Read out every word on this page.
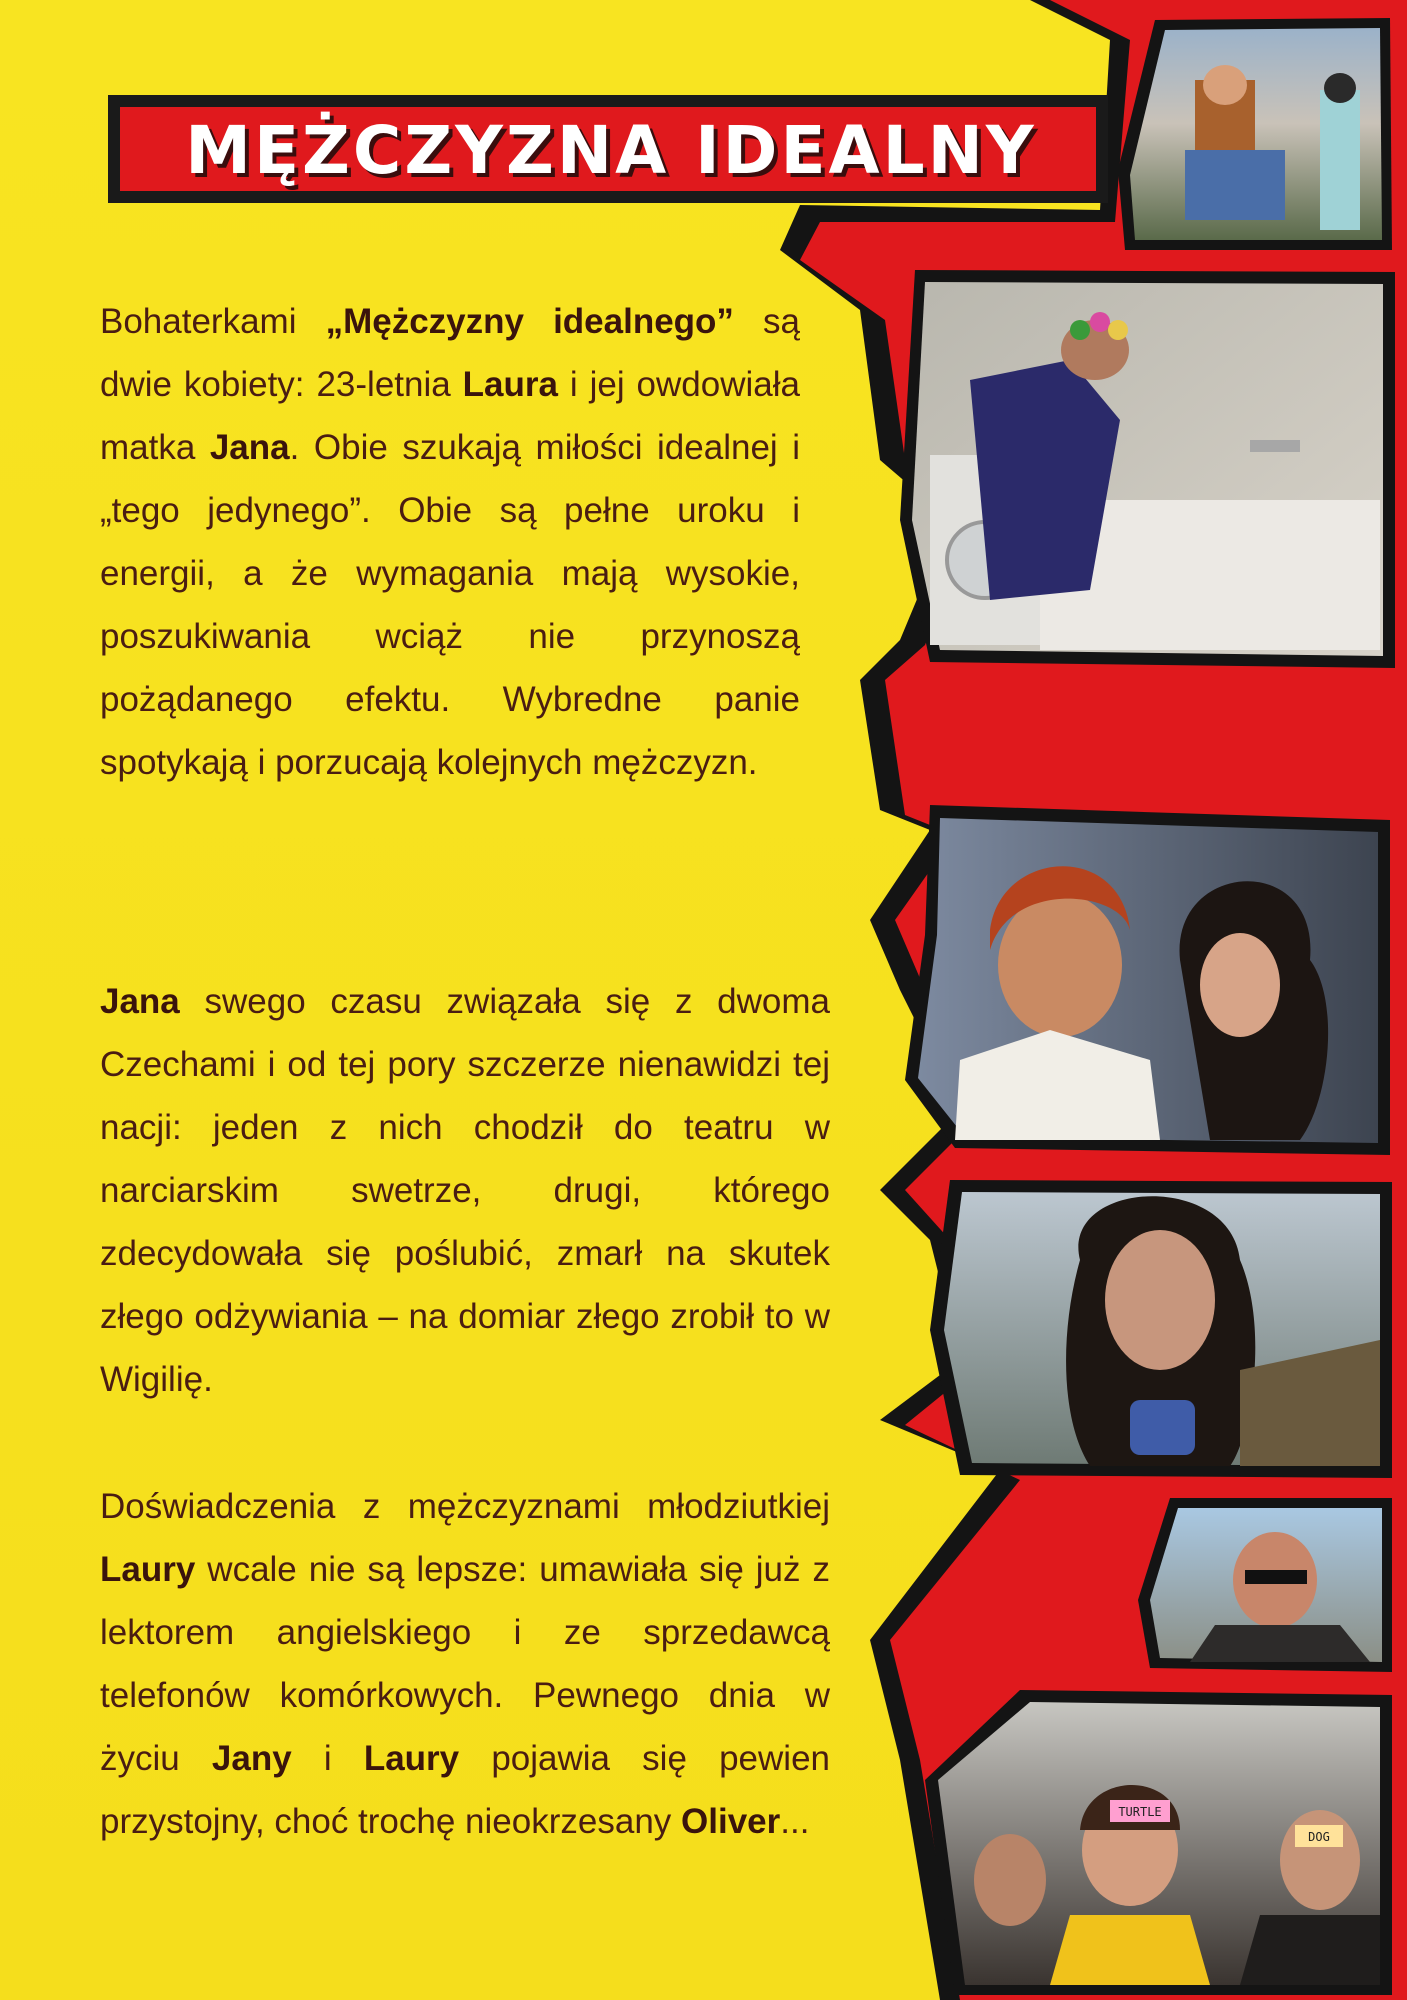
TURTLE
DOG
MĘŻCZYZNA IDEALNY
Bohaterkami „Mężczyzny idealnego” są dwie kobiety: 23-letnia Laura i jej owdowiała matka Jana. Obie szukają miłości idealnej i „tego jedynego”. Obie są pełne uroku i energii, a że wymagania mają wysokie, poszukiwania wciąż nie przynoszą pożądanego efektu. Wybredne panie spotykają i porzucają kolejnych mężczyzn.
Jana swego czasu związała się z dwoma Czechami i od tej pory szczerze nienawidzi tej nacji: jeden z nich chodził do teatru w narciarskim swetrze, drugi, którego zdecydowała się poślubić, zmarł na skutek złego odżywiania – na domiar złego zrobił to w Wigilię.
Doświadczenia z mężczyznami młodziutkiej Laury wcale nie są lepsze: umawiała się już z lektorem angielskiego i ze sprzedawcą telefonów komórkowych. Pewnego dnia w życiu Jany i Laury pojawia się pewien przystojny, choć trochę nieokrzesany Oliver...
